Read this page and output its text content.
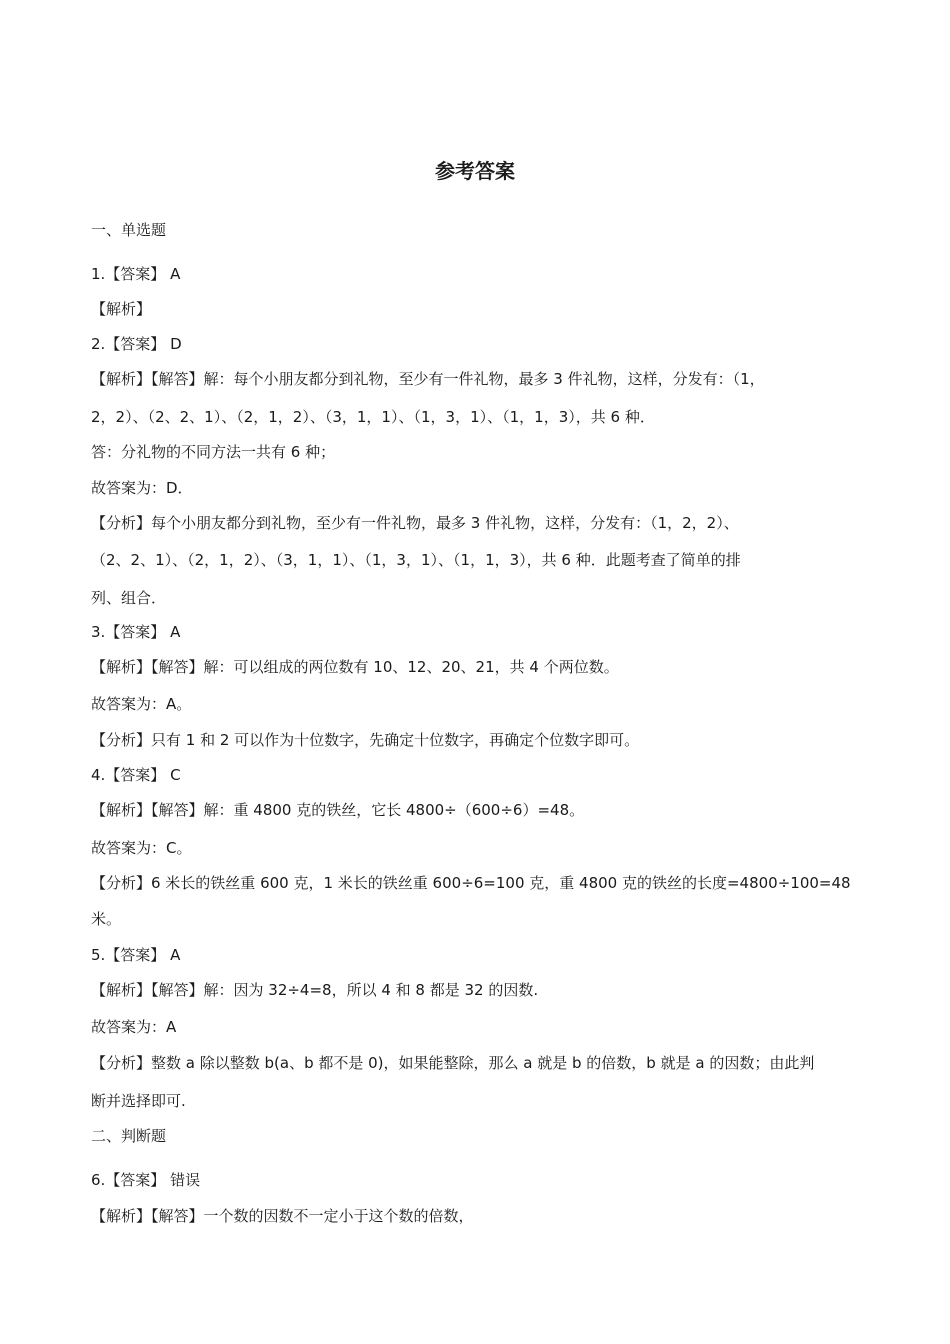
参考答案
一、单选题
1.【答案】 A
【解析】
2.【答案】 D
【解析】【解答】解：每个小朋友都分到礼物，至少有一件礼物，最多 3 件礼物，这样，分发有：（1，
2，2）、（2、2、1）、（2，1，2）、（3，1，1）、（1，3，1）、（1，1，3），共 6 种．
答：分礼物的不同方法一共有 6 种；
故答案为：D．
【分析】每个小朋友都分到礼物，至少有一件礼物，最多 3 件礼物，这样，分发有：（1，2，2）、
（2、2、1）、（2，1，2）、（3，1，1）、（1，3，1）、（1，1，3），共 6 种．此题考查了简单的排
列、组合．
3.【答案】 A
【解析】【解答】解：可以组成的两位数有 10、12、20、21，共 4 个两位数。
故答案为：A。
【分析】只有 1 和 2 可以作为十位数字，先确定十位数字，再确定个位数字即可。
4.【答案】 C
【解析】【解答】解：重 4800 克的铁丝，它长 4800÷（600÷6）=48。
故答案为：C。
【分析】6 米长的铁丝重 600 克，1 米长的铁丝重 600÷6=100 克，重 4800 克的铁丝的长度=4800÷100=48
米。
5.【答案】 A
【解析】【解答】解：因为 32÷4=8，所以 4 和 8 都是 32 的因数.
故答案为：A
【分析】整数 a 除以整数 b(a、b 都不是 0)，如果能整除，那么 a 就是 b 的倍数，b 就是 a 的因数；由此判
断并选择即可.
二、判断题
6.【答案】 错误
【解析】【解答】一个数的因数不一定小于这个数的倍数，
